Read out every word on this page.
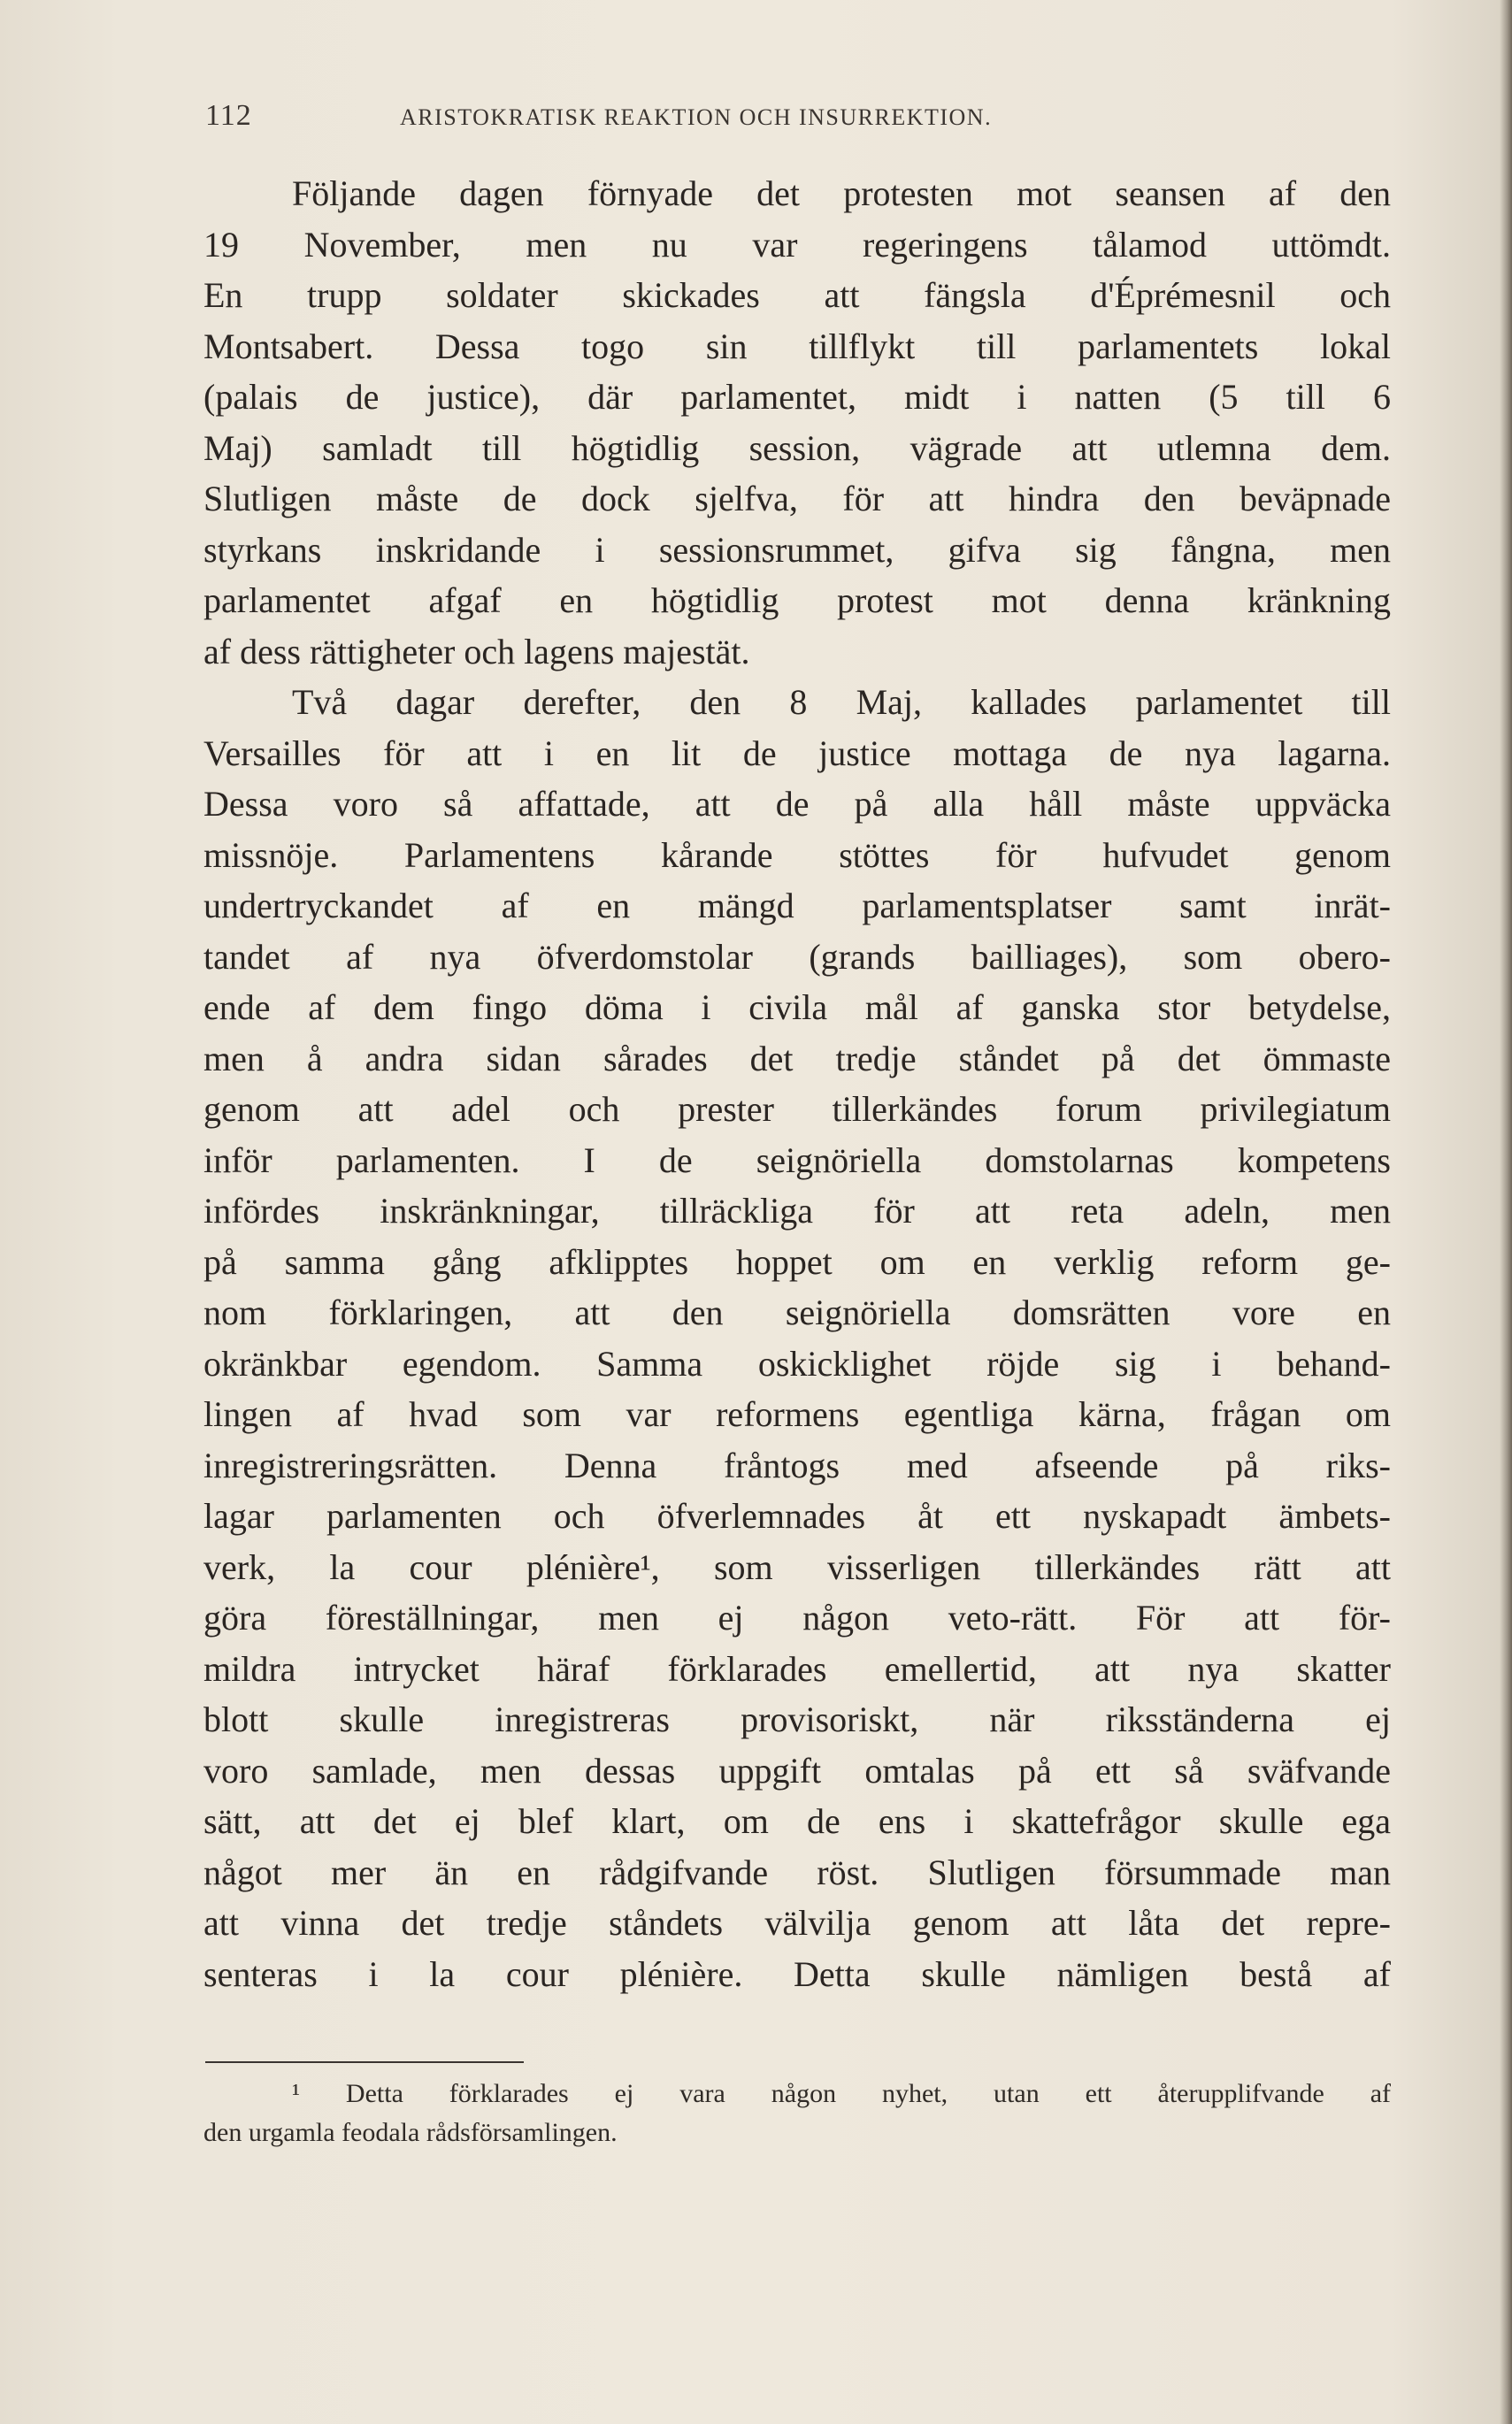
112	ARISTOKRATISK REAKTION OCH INSURREKTION.
Följande dagen förnyade det protesten mot seansen af den
19 November, men nu var regeringens tålamod uttömdt.
En trupp soldater skickades att fängsla d'Éprémesnil och
Montsabert. Dessa togo sin tillflykt till parlamentets lokal
(palais de justice), där parlamentet, midt i natten (5 till 6
Maj) samladt till högtidlig session, vägrade att utlemna dem.
Slutligen måste de dock sjelfva, för att hindra den beväpnade
styrkans inskridande i sessionsrummet, gifva sig fångna, men
parlamentet afgaf en högtidlig protest mot denna kränkning
af dess rättigheter och lagens majestät.
Två dagar derefter, den 8 Maj, kallades parlamentet till
Versailles för att i en lit de justice mottaga de nya lagarna.
Dessa voro så affattade, att de på alla håll måste uppväcka
missnöje. Parlamentens kårande stöttes för hufvudet genom
undertryckandet af en mängd parlamentsplatser samt inrät-
tandet af nya öfverdomstolar (grands bailliages), som obero-
ende af dem fingo döma i civila mål af ganska stor betydelse,
men å andra sidan sårades det tredje ståndet på det ömmaste
genom att adel och prester tillerkändes forum privilegiatum
inför parlamenten. I de seignöriella domstolarnas kompetens
infördes inskränkningar, tillräckliga för att reta adeln, men
på samma gång afklipptes hoppet om en verklig reform ge-
nom förklaringen, att den seignöriella domsrätten vore en
okränkbar egendom. Samma oskicklighet röjde sig i behand-
lingen af hvad som var reformens egentliga kärna, frågan om
inregistreringsrätten. Denna fråntogs med afseende på riks-
lagar parlamenten och öfverlemnades åt ett nyskapadt ämbets-
verk, la cour plénière¹, som visserligen tillerkändes rätt att
göra föreställningar, men ej någon veto-rätt. För att för-
mildra intrycket häraf förklarades emellertid, att nya skatter
blott skulle inregistreras provisoriskt, när riksständerna ej
voro samlade, men dessas uppgift omtalas på ett så sväfvande
sätt, att det ej blef klart, om de ens i skattefrågor skulle ega
något mer än en rådgifvande röst. Slutligen försummade man
att vinna det tredje ståndets välvilja genom att låta det repre-
senteras i la cour plénière. Detta skulle nämligen bestå af
¹ Detta förklarades ej vara någon nyhet, utan ett återupplifvande af
den urgamla feodala rådsförsamlingen.
